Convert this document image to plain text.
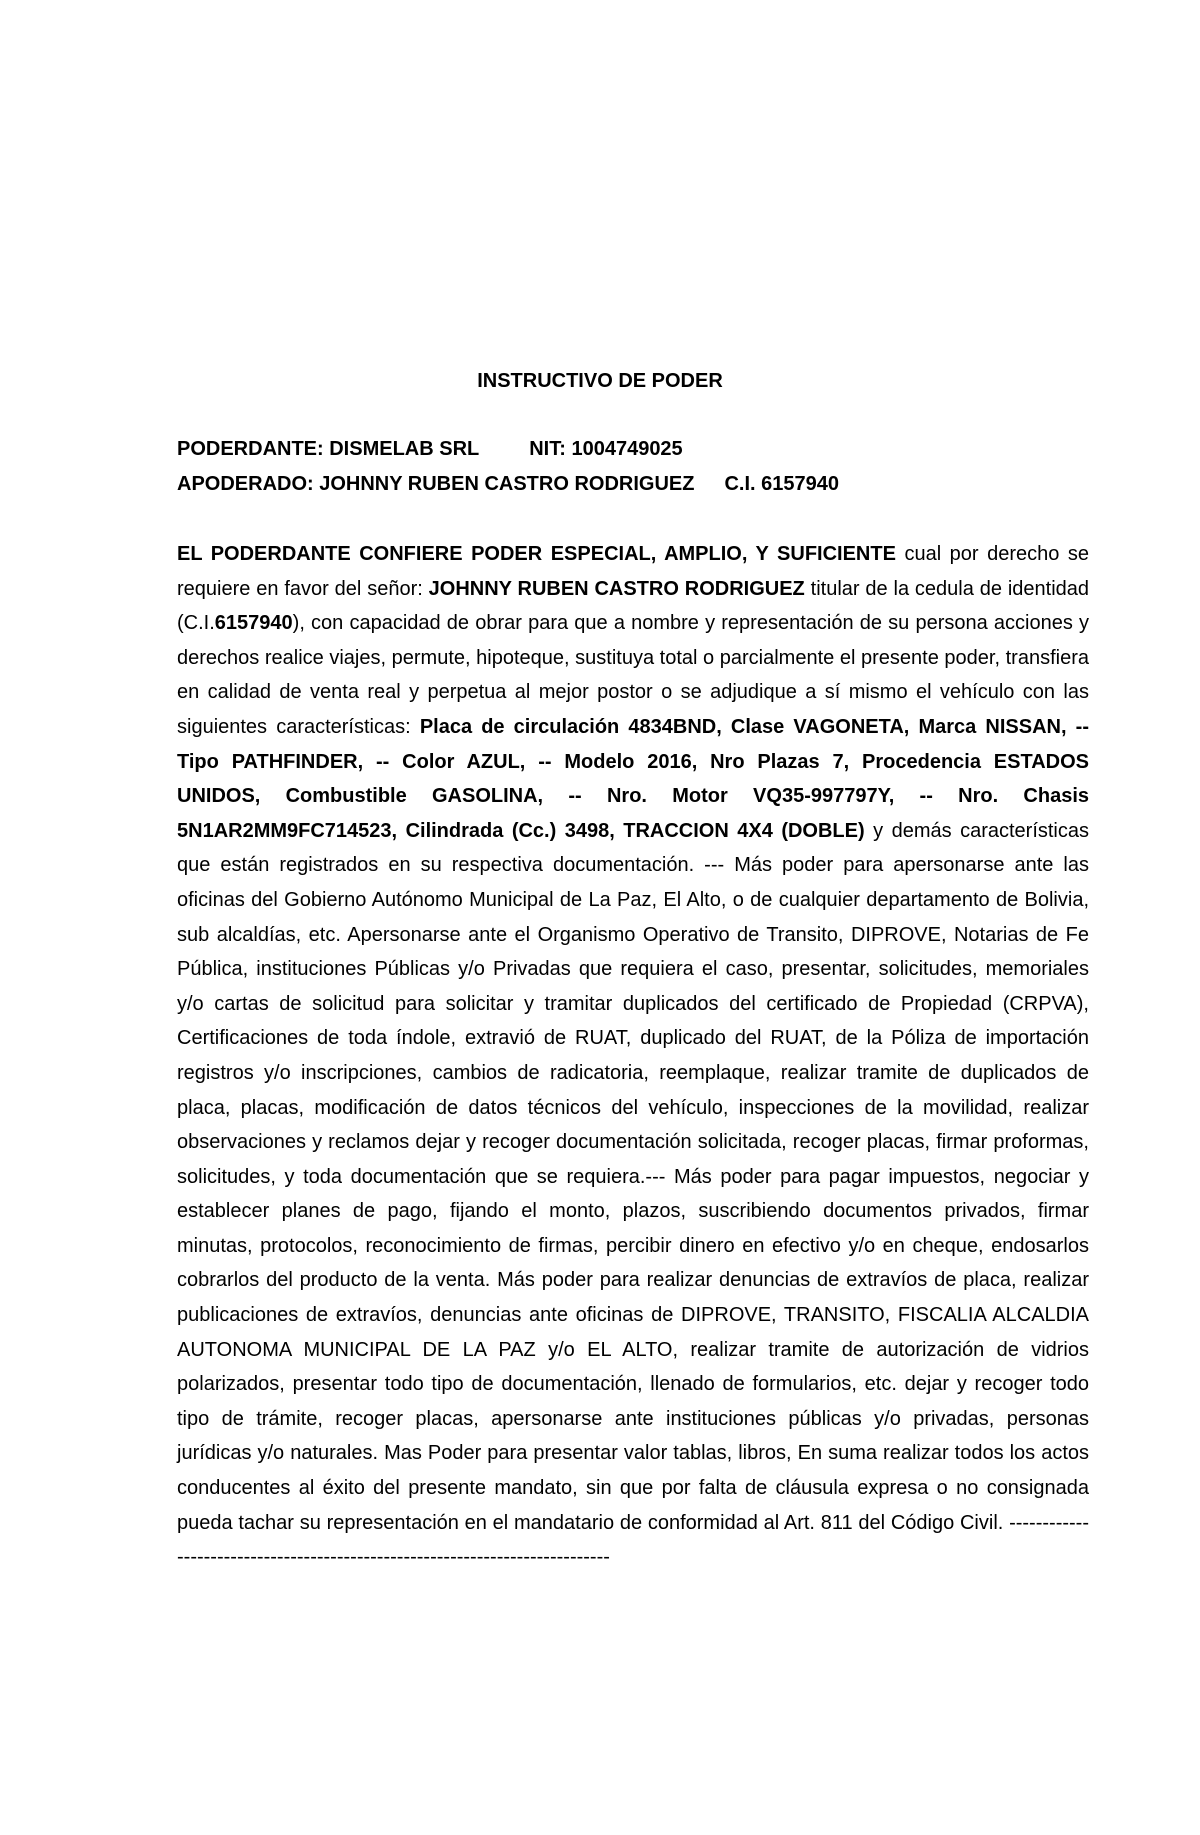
INSTRUCTIVO DE PODER
PODERDANTE: DISMELAB SRL	NIT: 1004749025
APODERADO: JOHNNY RUBEN CASTRO RODRIGUEZ C.I. 6157940
EL PODERDANTE CONFIERE PODER ESPECIAL, AMPLIO, Y SUFICIENTE cual por derecho se requiere en favor del señor: JOHNNY RUBEN CASTRO RODRIGUEZ titular de la cedula de identidad (C.I.6157940), con capacidad de obrar para que a nombre y representación de su persona acciones y derechos realice viajes, permute, hipoteque, sustituya total o parcialmente el presente poder, transfiera en calidad de venta real y perpetua al mejor postor o se adjudique a sí mismo el vehículo con las siguientes características: Placa de circulación 4834BND, Clase VAGONETA, Marca NISSAN, -- Tipo PATHFINDER, -- Color AZUL, -- Modelo 2016, Nro Plazas 7, Procedencia ESTADOS UNIDOS, Combustible GASOLINA, -- Nro. Motor VQ35-997797Y, -- Nro. Chasis 5N1AR2MM9FC714523, Cilindrada (Cc.) 3498, TRACCION 4X4 (DOBLE) y demás características que están registrados en su respectiva documentación. --- Más poder para apersonarse ante las oficinas del Gobierno Autónomo Municipal de La Paz, El Alto, o de cualquier departamento de Bolivia, sub alcaldías, etc. Apersonarse ante el Organismo Operativo de Transito, DIPROVE, Notarias de Fe Pública, instituciones Públicas y/o Privadas que requiera el caso, presentar, solicitudes, memoriales y/o cartas de solicitud para solicitar y tramitar duplicados del certificado de Propiedad (CRPVA), Certificaciones de toda índole, extravió de RUAT, duplicado del RUAT, de la Póliza de importación registros y/o inscripciones, cambios de radicatoria, reemplaque, realizar tramite de duplicados de placa, placas, modificación de datos técnicos del vehículo, inspecciones de la movilidad, realizar observaciones y reclamos dejar y recoger documentación solicitada, recoger placas, firmar proformas, solicitudes, y toda documentación que se requiera.--- Más poder para pagar impuestos, negociar y establecer planes de pago, fijando el monto, plazos, suscribiendo documentos privados, firmar minutas, protocolos, reconocimiento de firmas, percibir dinero en efectivo y/o en cheque, endosarlos cobrarlos del producto de la venta. Más poder para realizar denuncias de extravíos de placa, realizar publicaciones de extravíos, denuncias ante oficinas de DIPROVE, TRANSITO, FISCALIA ALCALDIA AUTONOMA MUNICIPAL DE LA PAZ y/o EL ALTO, realizar tramite de autorización de vidrios polarizados, presentar todo tipo de documentación, llenado de formularios, etc. dejar y recoger todo tipo de trámite, recoger placas, apersonarse ante instituciones públicas y/o privadas, personas jurídicas y/o naturales. Mas Poder para presentar valor tablas, libros, En suma realizar todos los actos conducentes al éxito del presente mandato, sin que por falta de cláusula expresa o no consignada pueda tachar su representación en el mandatario de conformidad al Art. 811 del Código Civil. -----------------------------------------------------------------------------
